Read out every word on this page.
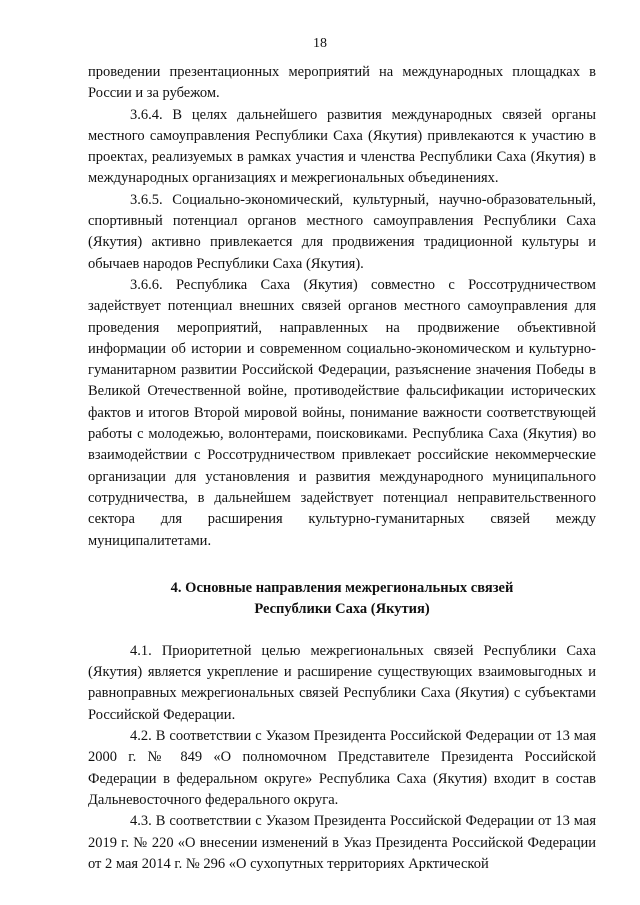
18

проведении презентационных мероприятий на международных площадках в России и за рубежом.

3.6.4. В целях дальнейшего развития международных связей органы местного самоуправления Республики Саха (Якутия) привлекаются к участию в проектах, реализуемых в рамках участия и членства Республики Саха (Якутия) в международных организациях и межрегиональных объединениях.

3.6.5. Социально-экономический, культурный, научно-образовательный, спортивный потенциал органов местного самоуправления Республики Саха (Якутия) активно привлекается для продвижения традиционной культуры и обычаев народов Республики Саха (Якутия).

3.6.6. Республика Саха (Якутия) совместно с Россотрудничеством задействует потенциал внешних связей органов местного самоуправления для проведения мероприятий, направленных на продвижение объективной информации об истории и современном социально-экономическом и культурно-гуманитарном развитии Российской Федерации, разъяснение значения Победы в Великой Отечественной войне, противодействие фальсификации исторических фактов и итогов Второй мировой войны, понимание важности соответствующей работы с молодежью, волонтерами, поисковиками. Республика Саха (Якутия) во взаимодействии с Россотрудничеством привлекает российские некоммерческие организации для установления и развития международного муниципального сотрудничества, в дальнейшем задействует потенциал неправительственного сектора для расширения культурно-гуманитарных связей между муниципалитетами.

4. Основные направления межрегиональных связей
Республики Саха (Якутия)

4.1. Приоритетной целью межрегиональных связей Республики Саха (Якутия) является укрепление и расширение существующих взаимовыгодных и равноправных межрегиональных связей Республики Саха (Якутия) с субъектами Российской Федерации.

4.2. В соответствии с Указом Президента Российской Федерации от 13 мая 2000 г. № 849 «О полномочном Представителе Президента Российской Федерации в федеральном округе» Республика Саха (Якутия) входит в состав Дальневосточного федерального округа.

4.3. В соответствии с Указом Президента Российской Федерации от 13 мая 2019 г. № 220 «О внесении изменений в Указ Президента Российской Федерации от 2 мая 2014 г. № 296 «О сухопутных территориях Арктической
